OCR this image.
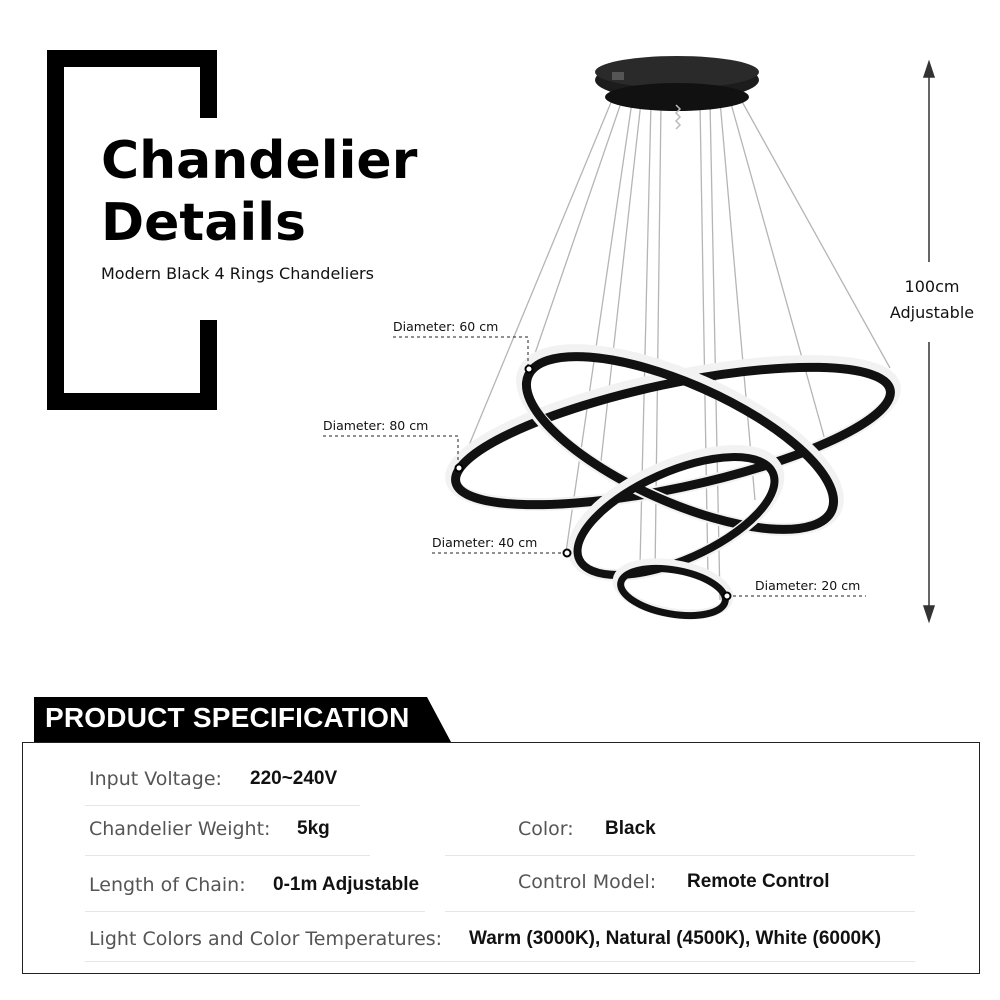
Chandelier
Details
Modern Black 4 Rings Chandeliers
100cm
Adjustable
Diameter: 60 cm
Diameter: 80 cm
Diameter: 40 cm
Diameter: 20 cm
PRODUCT SPECIFICATION
Input Voltage: 220~240V
Chandelier Weight: 5kg	Color: Black
Length of Chain: 0-1m Adjustable	Control Model: Remote Control
Light Colors and Color Temperatures: Warm (3000K), Natural (4500K), White (6000K)
